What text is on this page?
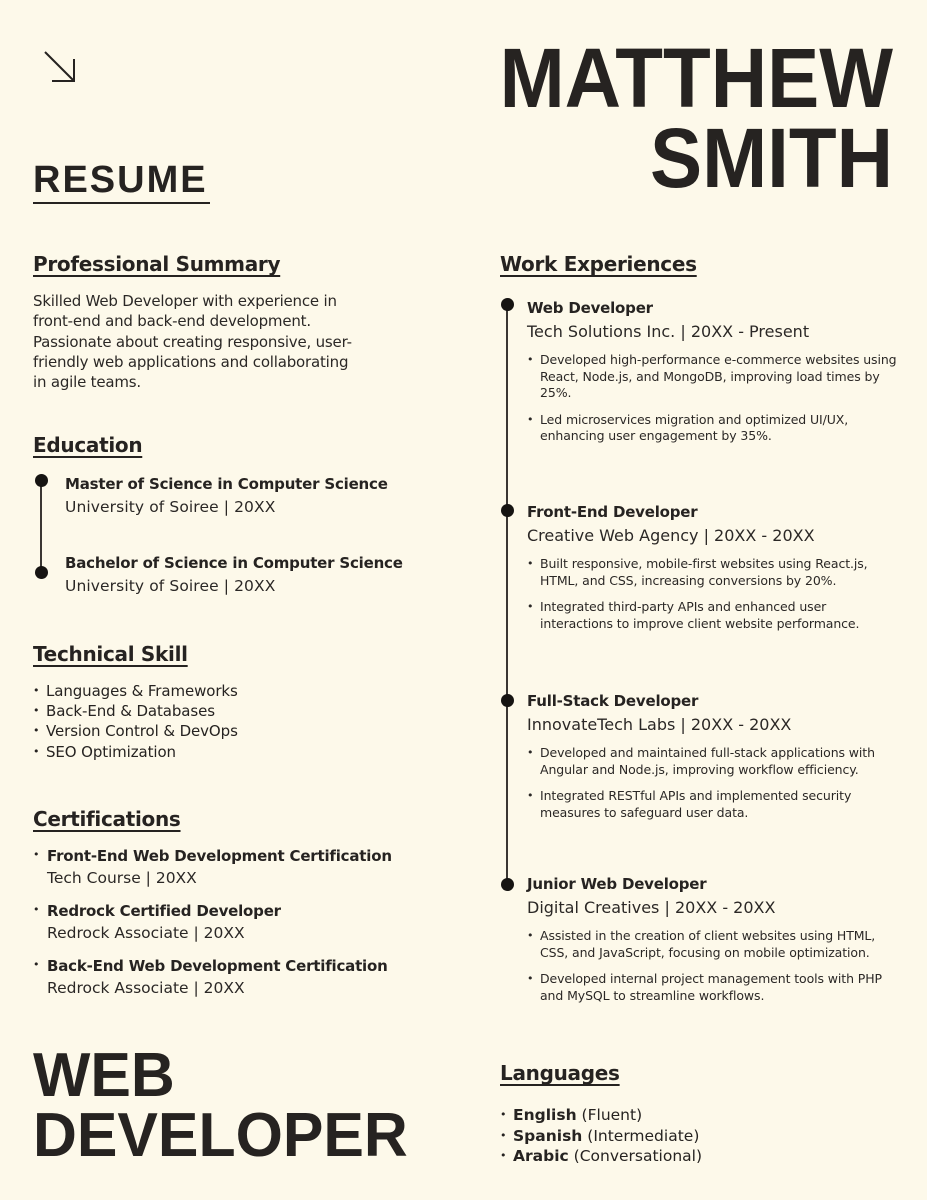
RESUME
MATTHEW
SMITH
Professional Summary
Skilled Web Developer with experience in front-end and back-end development. Passionate about creating responsive, user-friendly web applications and collaborating in agile teams.
Education
Master of Science in Computer Science
University of Soiree | 20XX
Bachelor of Science in Computer Science
University of Soiree | 20XX
Technical Skill
• Languages & Frameworks
• Back-End & Databases
• Version Control & DevOps
• SEO Optimization
Certifications
• Front-End Web Development Certification
Tech Course | 20XX
• Redrock Certified Developer
Redrock Associate | 20XX
• Back-End Web Development Certification
Redrock Associate | 20XX
WEB
DEVELOPER
Work Experiences
Web Developer
Tech Solutions Inc. | 20XX - Present
• Developed high-performance e-commerce websites using React, Node.js, and MongoDB, improving load times by 25%.
• Led microservices migration and optimized UI/UX, enhancing user engagement by 35%.
Front-End Developer
Creative Web Agency | 20XX - 20XX
• Built responsive, mobile-first websites using React.js, HTML, and CSS, increasing conversions by 20%.
• Integrated third-party APIs and enhanced user interactions to improve client website performance.
Full-Stack Developer
InnovateTech Labs | 20XX - 20XX
• Developed and maintained full-stack applications with Angular and Node.js, improving workflow efficiency.
• Integrated RESTful APIs and implemented security measures to safeguard user data.
Junior Web Developer
Digital Creatives | 20XX - 20XX
• Assisted in the creation of client websites using HTML, CSS, and JavaScript, focusing on mobile optimization.
• Developed internal project management tools with PHP and MySQL to streamline workflows.
Languages
• English (Fluent)
• Spanish (Intermediate)
• Arabic (Conversational)
